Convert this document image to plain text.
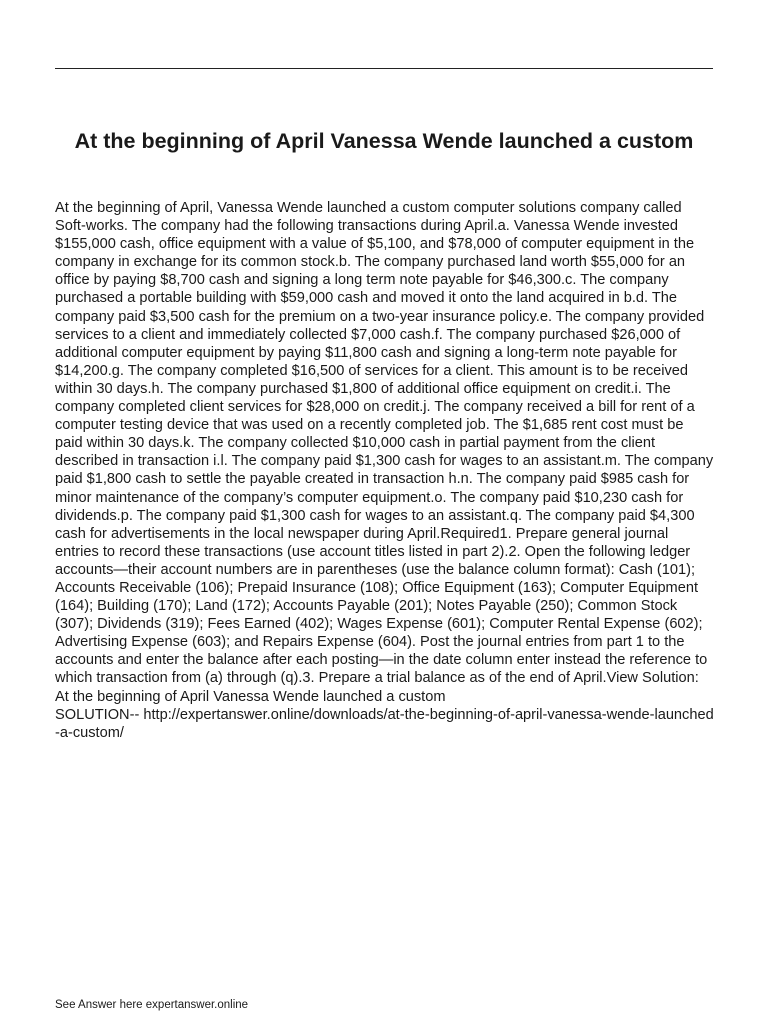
At the beginning of April Vanessa Wende launched a custom

At the beginning of April, Vanessa Wende launched a custom computer solutions company called Soft-works. The company had the following transactions during April.a. Vanessa Wende invested $155,000 cash, office equipment with a value of $5,100, and $78,000 of computer equipment in the company in exchange for its common stock.b. The company purchased land worth $55,000 for an office by paying $8,700 cash and signing a long term note payable for $46,300.c. The company purchased a portable building with $59,000 cash and moved it onto the land acquired in b.d. The company paid $3,500 cash for the premium on a two-year insurance policy.e. The company provided services to a client and immediately collected $7,000 cash.f. The company purchased $26,000 of additional computer equipment by paying $11,800 cash and signing a long-term note payable for $14,200.g. The company completed $16,500 of services for a client. This amount is to be received within 30 days.h. The company purchased $1,800 of additional office equipment on credit.i. The company completed client services for $28,000 on credit.j. The company received a bill for rent of a computer testing device that was used on a recently completed job. The $1,685 rent cost must be paid within 30 days.k. The company collected $10,000 cash in partial payment from the client described in transaction i.l. The company paid $1,300 cash for wages to an assistant.m. The company paid $1,800 cash to settle the payable created in transaction h.n. The company paid $985 cash for minor maintenance of the company’s computer equipment.o. The company paid $10,230 cash for dividends.p. The company paid $1,300 cash for wages to an assistant.q. The company paid $4,300 cash for advertisements in the local newspaper during April.Required1. Prepare general journal entries to record these transactions (use account titles listed in part 2).2. Open the following ledger accounts—their account numbers are in parentheses (use the balance column format): Cash (101); Accounts Receivable (106); Prepaid Insurance (108); Office Equipment (163); Computer Equipment (164); Building (170); Land (172); Accounts Payable (201); Notes Payable (250); Common Stock (307); Dividends (319); Fees Earned (402); Wages Expense (601); Computer Rental Expense (602); Advertising Expense (603); and Repairs Expense (604). Post the journal entries from part 1 to the accounts and enter the balance after each posting—in the date column enter instead the reference to which transaction from (a) through (q).3. Prepare a trial balance as of the end of April.View Solution:

At the beginning of April Vanessa Wende launched a custom

SOLUTION-- http://expertanswer.online/downloads/at-the-beginning-of-april-vanessa-wende-launched-a-custom/

See Answer here expertanswer.online
